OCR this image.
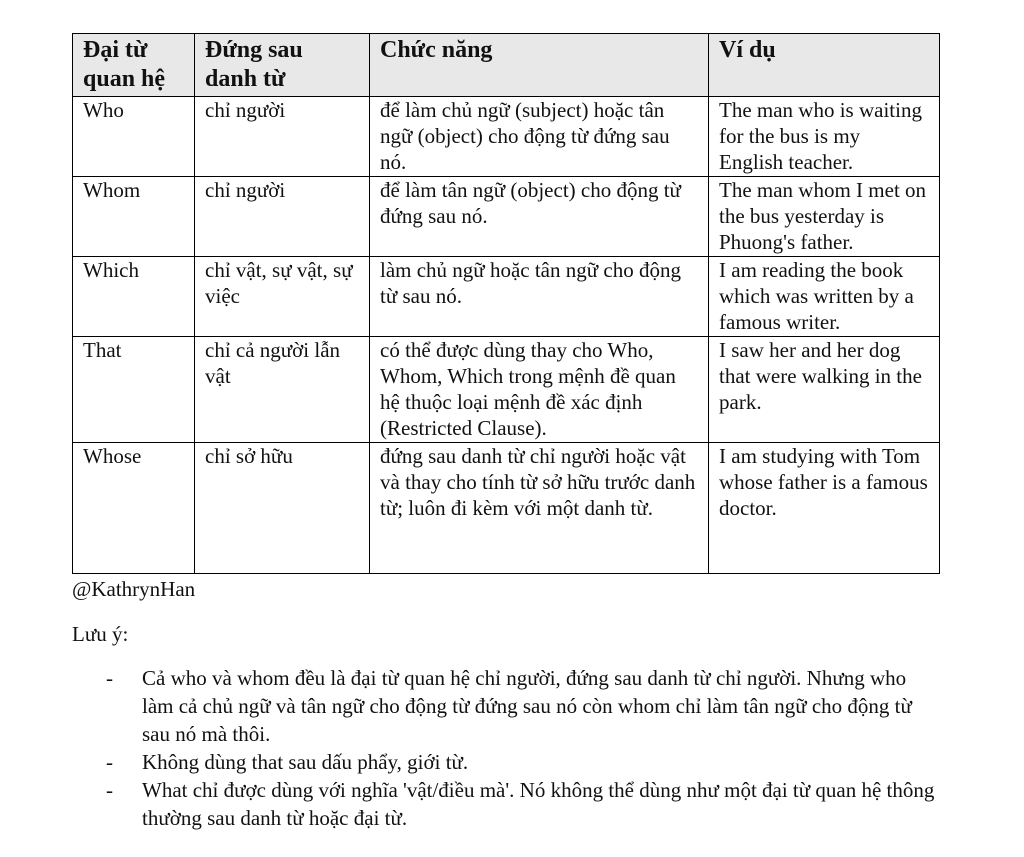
Đại từ quan hệ	Đứng sau danh từ	Chức năng	Ví dụ
Who	chỉ người	để làm chủ ngữ (subject) hoặc tân ngữ (object) cho động từ đứng sau nó.	The man who is waiting for the bus is my English teacher.
Whom	chỉ người	để làm tân ngữ (object) cho động từ đứng sau nó.	The man whom I met on the bus yesterday is Phuong's father.
Which	chỉ vật, sự vật, sự việc	làm chủ ngữ hoặc tân ngữ cho động từ sau nó.	I am reading the book which was written by a famous writer.
That	chỉ cả người lẫn vật	có thể được dùng thay cho Who, Whom, Which trong mệnh đề quan hệ thuộc loại mệnh đề xác định (Restricted Clause).	I saw her and her dog that were walking in the park.
Whose	chỉ sở hữu	đứng sau danh từ chỉ người hoặc vật và thay cho tính từ sở hữu trước danh từ; luôn đi kèm với một danh từ.	I am studying with Tom whose father is a famous doctor.
@KathrynHan
Lưu ý:
- Cả who và whom đều là đại từ quan hệ chỉ người, đứng sau danh từ chỉ người. Nhưng who làm cả chủ ngữ và tân ngữ cho động từ đứng sau nó còn whom chỉ làm tân ngữ cho động từ sau nó mà thôi.
- Không dùng that sau dấu phẩy, giới từ.
- What chỉ được dùng với nghĩa 'vật/điều mà'. Nó không thể dùng như một đại từ quan hệ thông thường sau danh từ hoặc đại từ.
